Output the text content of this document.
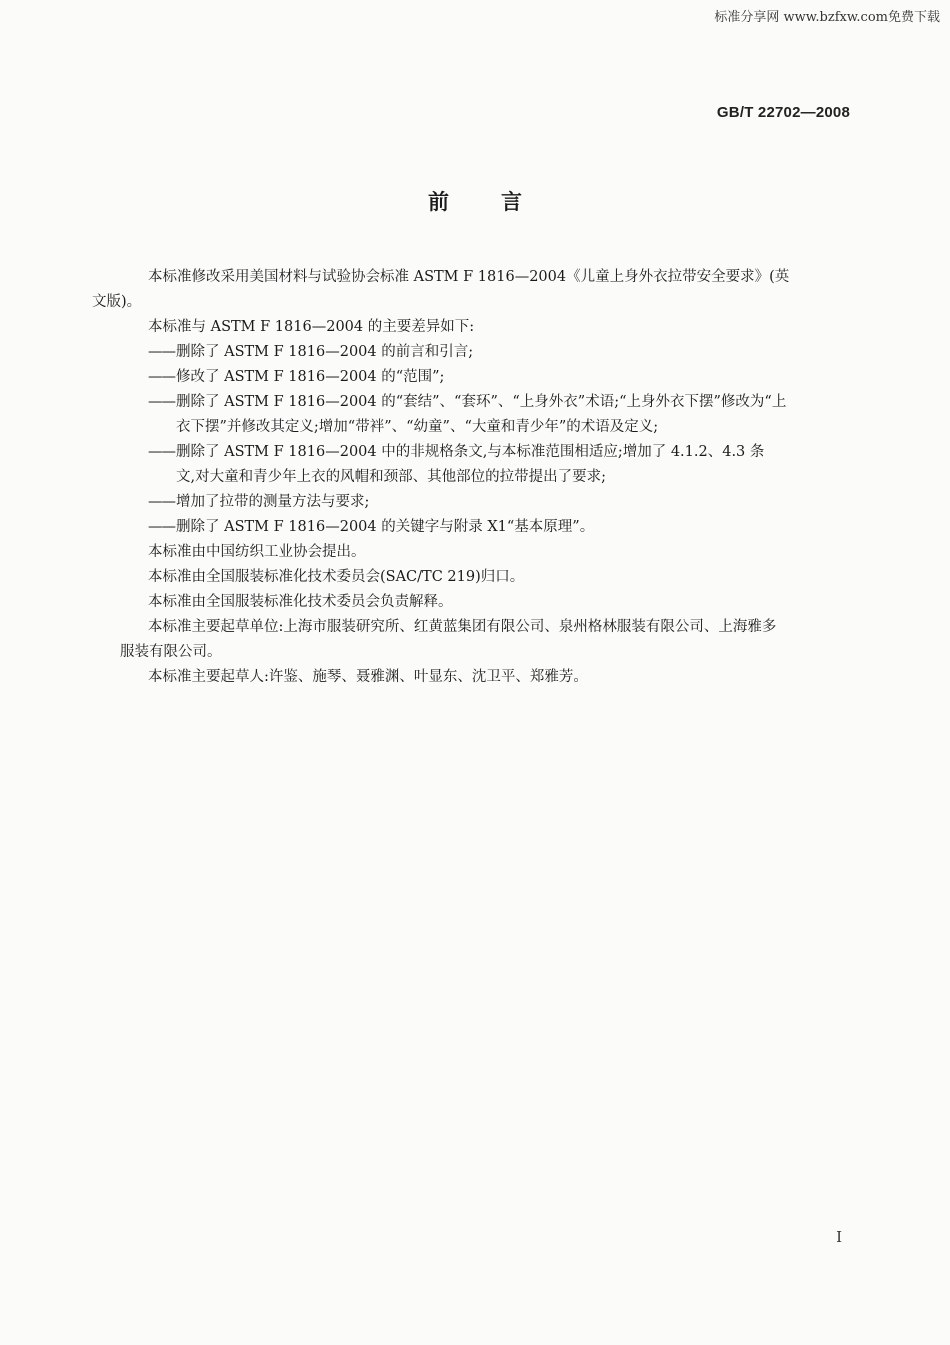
标准分享网 www.bzfxw.com免费下载
GB/T 22702—2008
前言

本标准修改采用美国材料与试验协会标准 ASTM F 1816—2004《儿童上身外衣拉带安全要求》(英
文版)。

本标准与 ASTM F 1816—2004 的主要差异如下:

——删除了 ASTM F 1816—2004 的前言和引言;
——修改了 ASTM F 1816—2004 的“范围”;
——删除了 ASTM F 1816—2004 的“套结”、“套环”、“上身外衣”术语;“上身外衣下摆”修改为“上
衣下摆”并修改其定义;增加“带袢”、“幼童”、“大童和青少年”的术语及定义;
——删除了 ASTM F 1816—2004 中的非规格条文,与本标准范围相适应;增加了 4.1.2、4.3 条
文,对大童和青少年上衣的风帽和颈部、其他部位的拉带提出了要求;
——增加了拉带的测量方法与要求;
——删除了 ASTM F 1816—2004 的关键字与附录 X1“基本原理”。

本标准由中国纺织工业协会提出。

本标准由全国服装标准化技术委员会(SAC/TC 219)归口。

本标准由全国服装标准化技术委员会负责解释。

本标准主要起草单位:上海市服装研究所、红黄蓝集团有限公司、泉州格林服装有限公司、上海雅多
服装有限公司。

本标准主要起草人:许鉴、施琴、聂雅渊、叶显东、沈卫平、郑雅芳。

I
